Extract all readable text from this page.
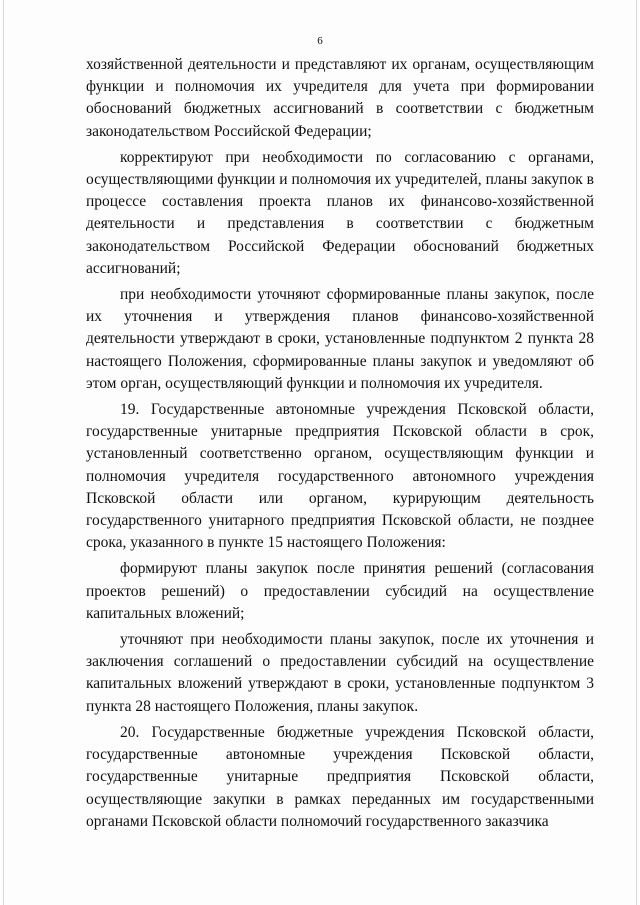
6

хозяйственной деятельности и представляют их органам, осуществляющим функции и полномочия их учредителя для учета при формировании обоснований бюджетных ассигнований в соответствии с бюджетным законодательством Российской Федерации;

корректируют при необходимости по согласованию с органами, осуществляющими функции и полномочия их учредителей, планы закупок в процессе составления проекта планов их финансово-хозяйственной деятельности и представления в соответствии с бюджетным законодательством Российской Федерации обоснований бюджетных ассигнований;

при необходимости уточняют сформированные планы закупок, после их уточнения и утверждения планов финансово-хозяйственной деятельности утверждают в сроки, установленные подпунктом 2 пункта 28 настоящего Положения, сформированные планы закупок и уведомляют об этом орган, осуществляющий функции и полномочия их учредителя.

19. Государственные автономные учреждения Псковской области, государственные унитарные предприятия Псковской области в срок, установленный соответственно органом, осуществляющим функции и полномочия учредителя государственного автономного учреждения Псковской области или органом, курирующим деятельность государственного унитарного предприятия Псковской области, не позднее срока, указанного в пункте 15 настоящего Положения:

формируют планы закупок после принятия решений (согласования проектов решений) о предоставлении субсидий на осуществление капитальных вложений;

уточняют при необходимости планы закупок, после их уточнения и заключения соглашений о предоставлении субсидий на осуществление капитальных вложений утверждают в сроки, установленные подпунктом 3 пункта 28 настоящего Положения, планы закупок.

20. Государственные бюджетные учреждения Псковской области, государственные автономные учреждения Псковской области, государственные унитарные предприятия Псковской области, осуществляющие закупки в рамках переданных им государственными органами Псковской области полномочий государственного заказчика
